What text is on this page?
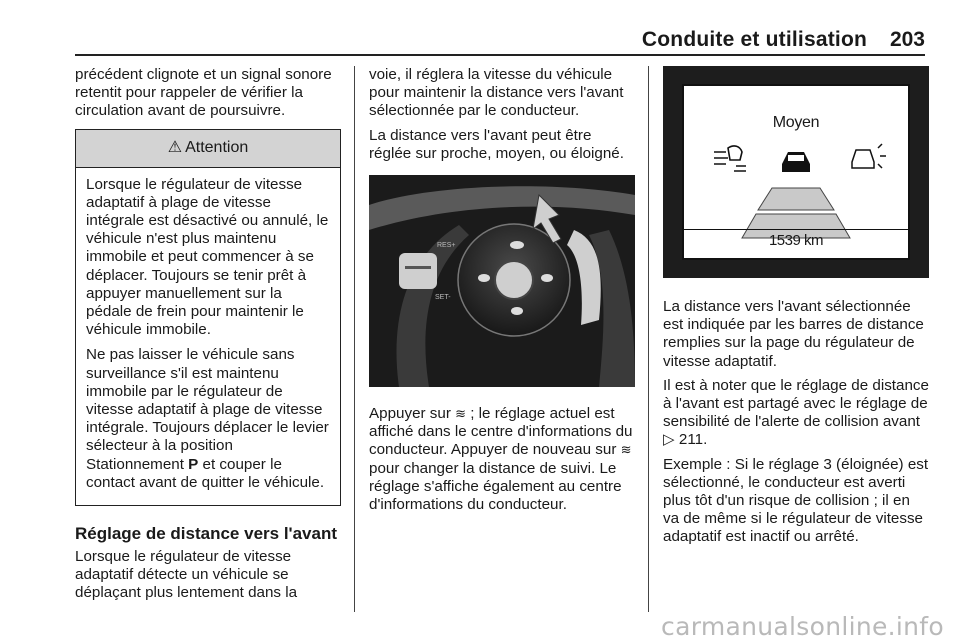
Conduite et utilisation 203

précédent clignote et un signal sonore retentit pour rappeler de vérifier la circulation avant de poursuivre.

⚠ Attention

Lorsque le régulateur de vitesse adaptatif à plage de vitesse intégrale est désactivé ou annulé, le véhicule n'est plus maintenu immobile et peut commencer à se déplacer. Toujours se tenir prêt à appuyer manuellement sur la pédale de frein pour maintenir le véhicule immobile.

Ne pas laisser le véhicule sans surveillance s'il est maintenu immobile par le régulateur de vitesse adaptatif à plage de vitesse intégrale. Toujours déplacer le levier sélecteur à la position Stationnement P et couper le contact avant de quitter le véhicule.

Réglage de distance vers l'avant

Lorsque le régulateur de vitesse adaptatif détecte un véhicule se déplaçant plus lentement dans la

voie, il réglera la vitesse du véhicule pour maintenir la distance vers l'avant sélectionnée par le conducteur.

La distance vers l'avant peut être réglée sur proche, moyen, ou éloigné.

RES+
SET-

Appuyer sur ≋ ; le réglage actuel est affiché dans le centre d'informations du conducteur. Appuyer de nouveau sur ≋ pour changer la distance de suivi. Le réglage s'affiche également au centre d'informations du conducteur.

Moyen
1539 km

La distance vers l'avant sélectionnée est indiquée par les barres de distance remplies sur la page du régulateur de vitesse adaptatif.

Il est à noter que le réglage de distance à l'avant est partagé avec le réglage de sensibilité de l'alerte de collision avant ▷ 211.

Exemple : Si le réglage 3 (éloignée) est sélectionné, le conducteur est averti plus tôt d'un risque de collision ; il en va de même si le régulateur de vitesse adaptatif est inactif ou arrêté.

carmanualsonline.info
